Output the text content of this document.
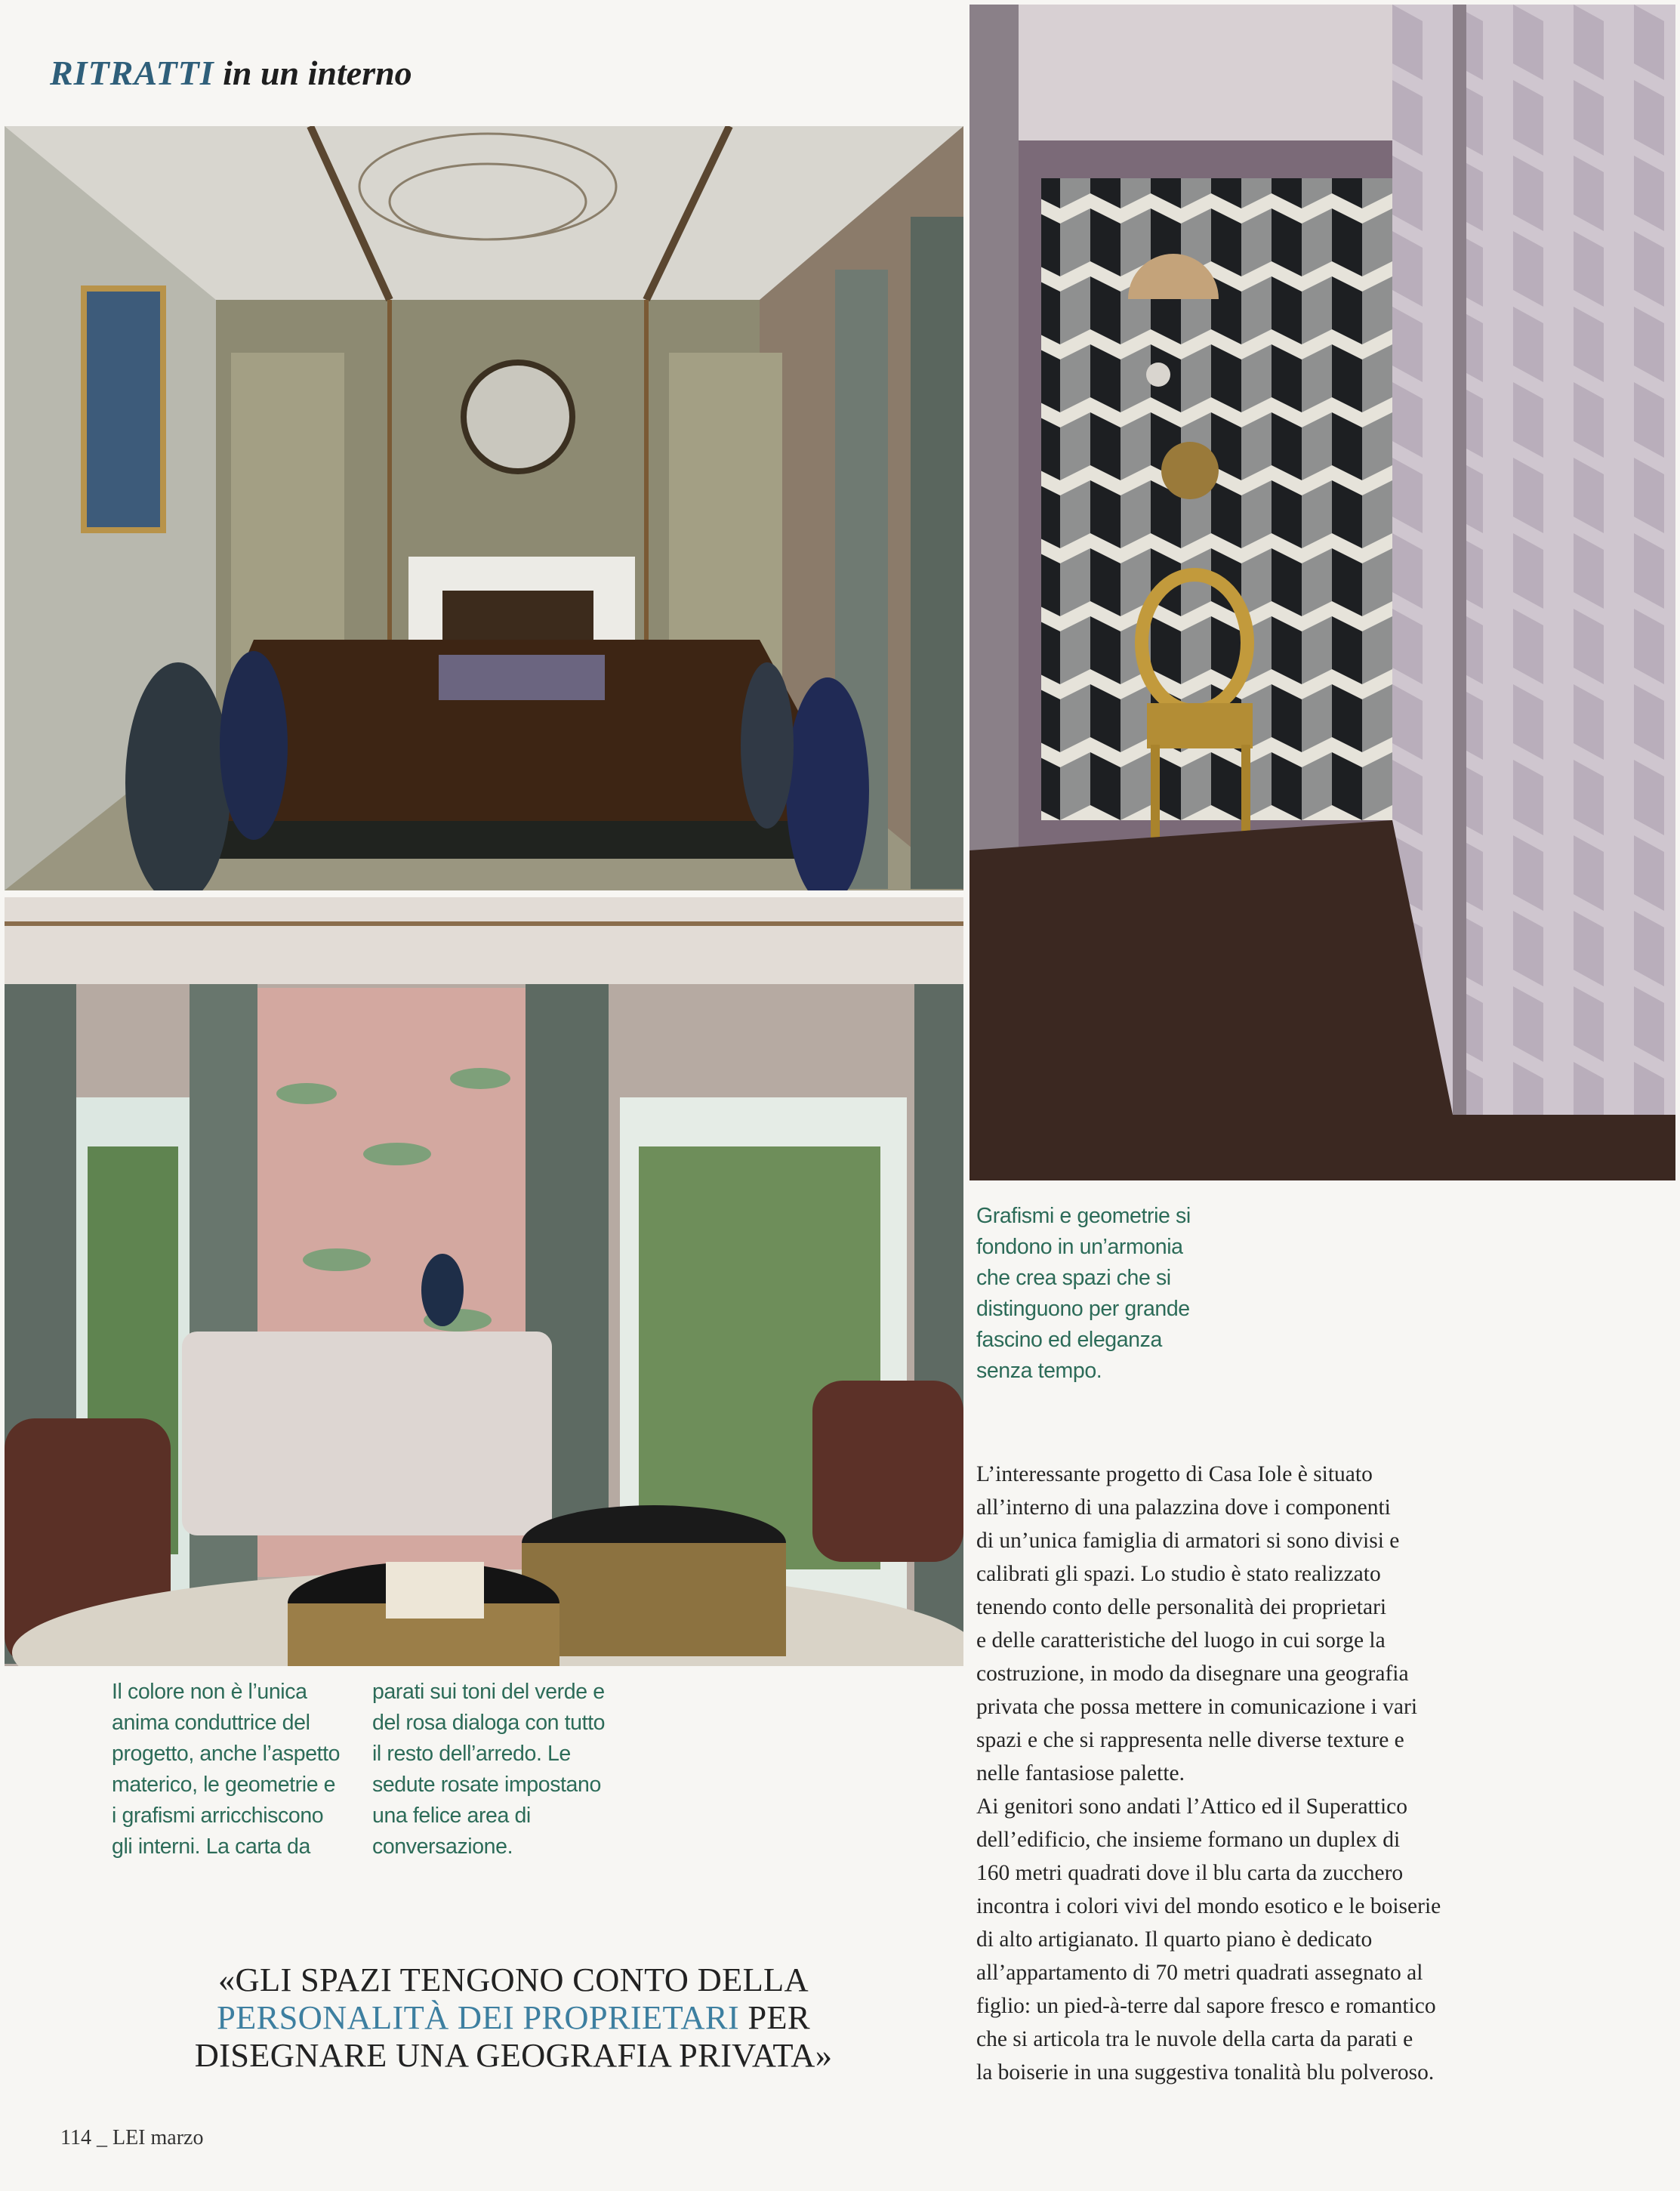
RITRATTI in un interno
Grafismi e geometrie si
fondono in un’armonia
che crea spazi che si
distinguono per grande
fascino ed eleganza
senza tempo.
Il colore non è l’unica
anima conduttrice del
progetto, anche l’aspetto
materico, le geometrie e
i grafismi arricchiscono
gli interni. La carta da
parati sui toni del verde e
del rosa dialoga con tutto
il resto dell’arredo. Le
sedute rosate impostano
una felice area di
conversazione.

L’interessante progetto di Casa Iole è situato
all’interno di una palazzina dove i componenti
di un’unica famiglia di armatori si sono divisi e
calibrati gli spazi. Lo studio è stato realizzato
tenendo conto delle personalità dei proprietari
e delle caratteristiche del luogo in cui sorge la
costruzione, in modo da disegnare una geografia
privata che possa mettere in comunicazione i vari
spazi e che si rappresenta nelle diverse texture e
nelle fantasiose palette.

Ai genitori sono andati l’Attico ed il Superattico
dell’edificio, che insieme formano un duplex di
160 metri quadrati dove il blu carta da zucchero
incontra i colori vivi del mondo esotico e le boiserie
di alto artigianato. Il quarto piano è dedicato
all’appartamento di 70 metri quadrati assegnato al
figlio: un pied-à-terre dal sapore fresco e romantico
che si articola tra le nuvole della carta da parati e
la boiserie in una suggestiva tonalità blu polveroso.

«GLI SPAZI TENGONO CONTO DELLA
PERSONALITÀ DEI PROPRIETARI PER
DISEGNARE UNA GEOGRAFIA PRIVATA»
114 _ LEI marzo
